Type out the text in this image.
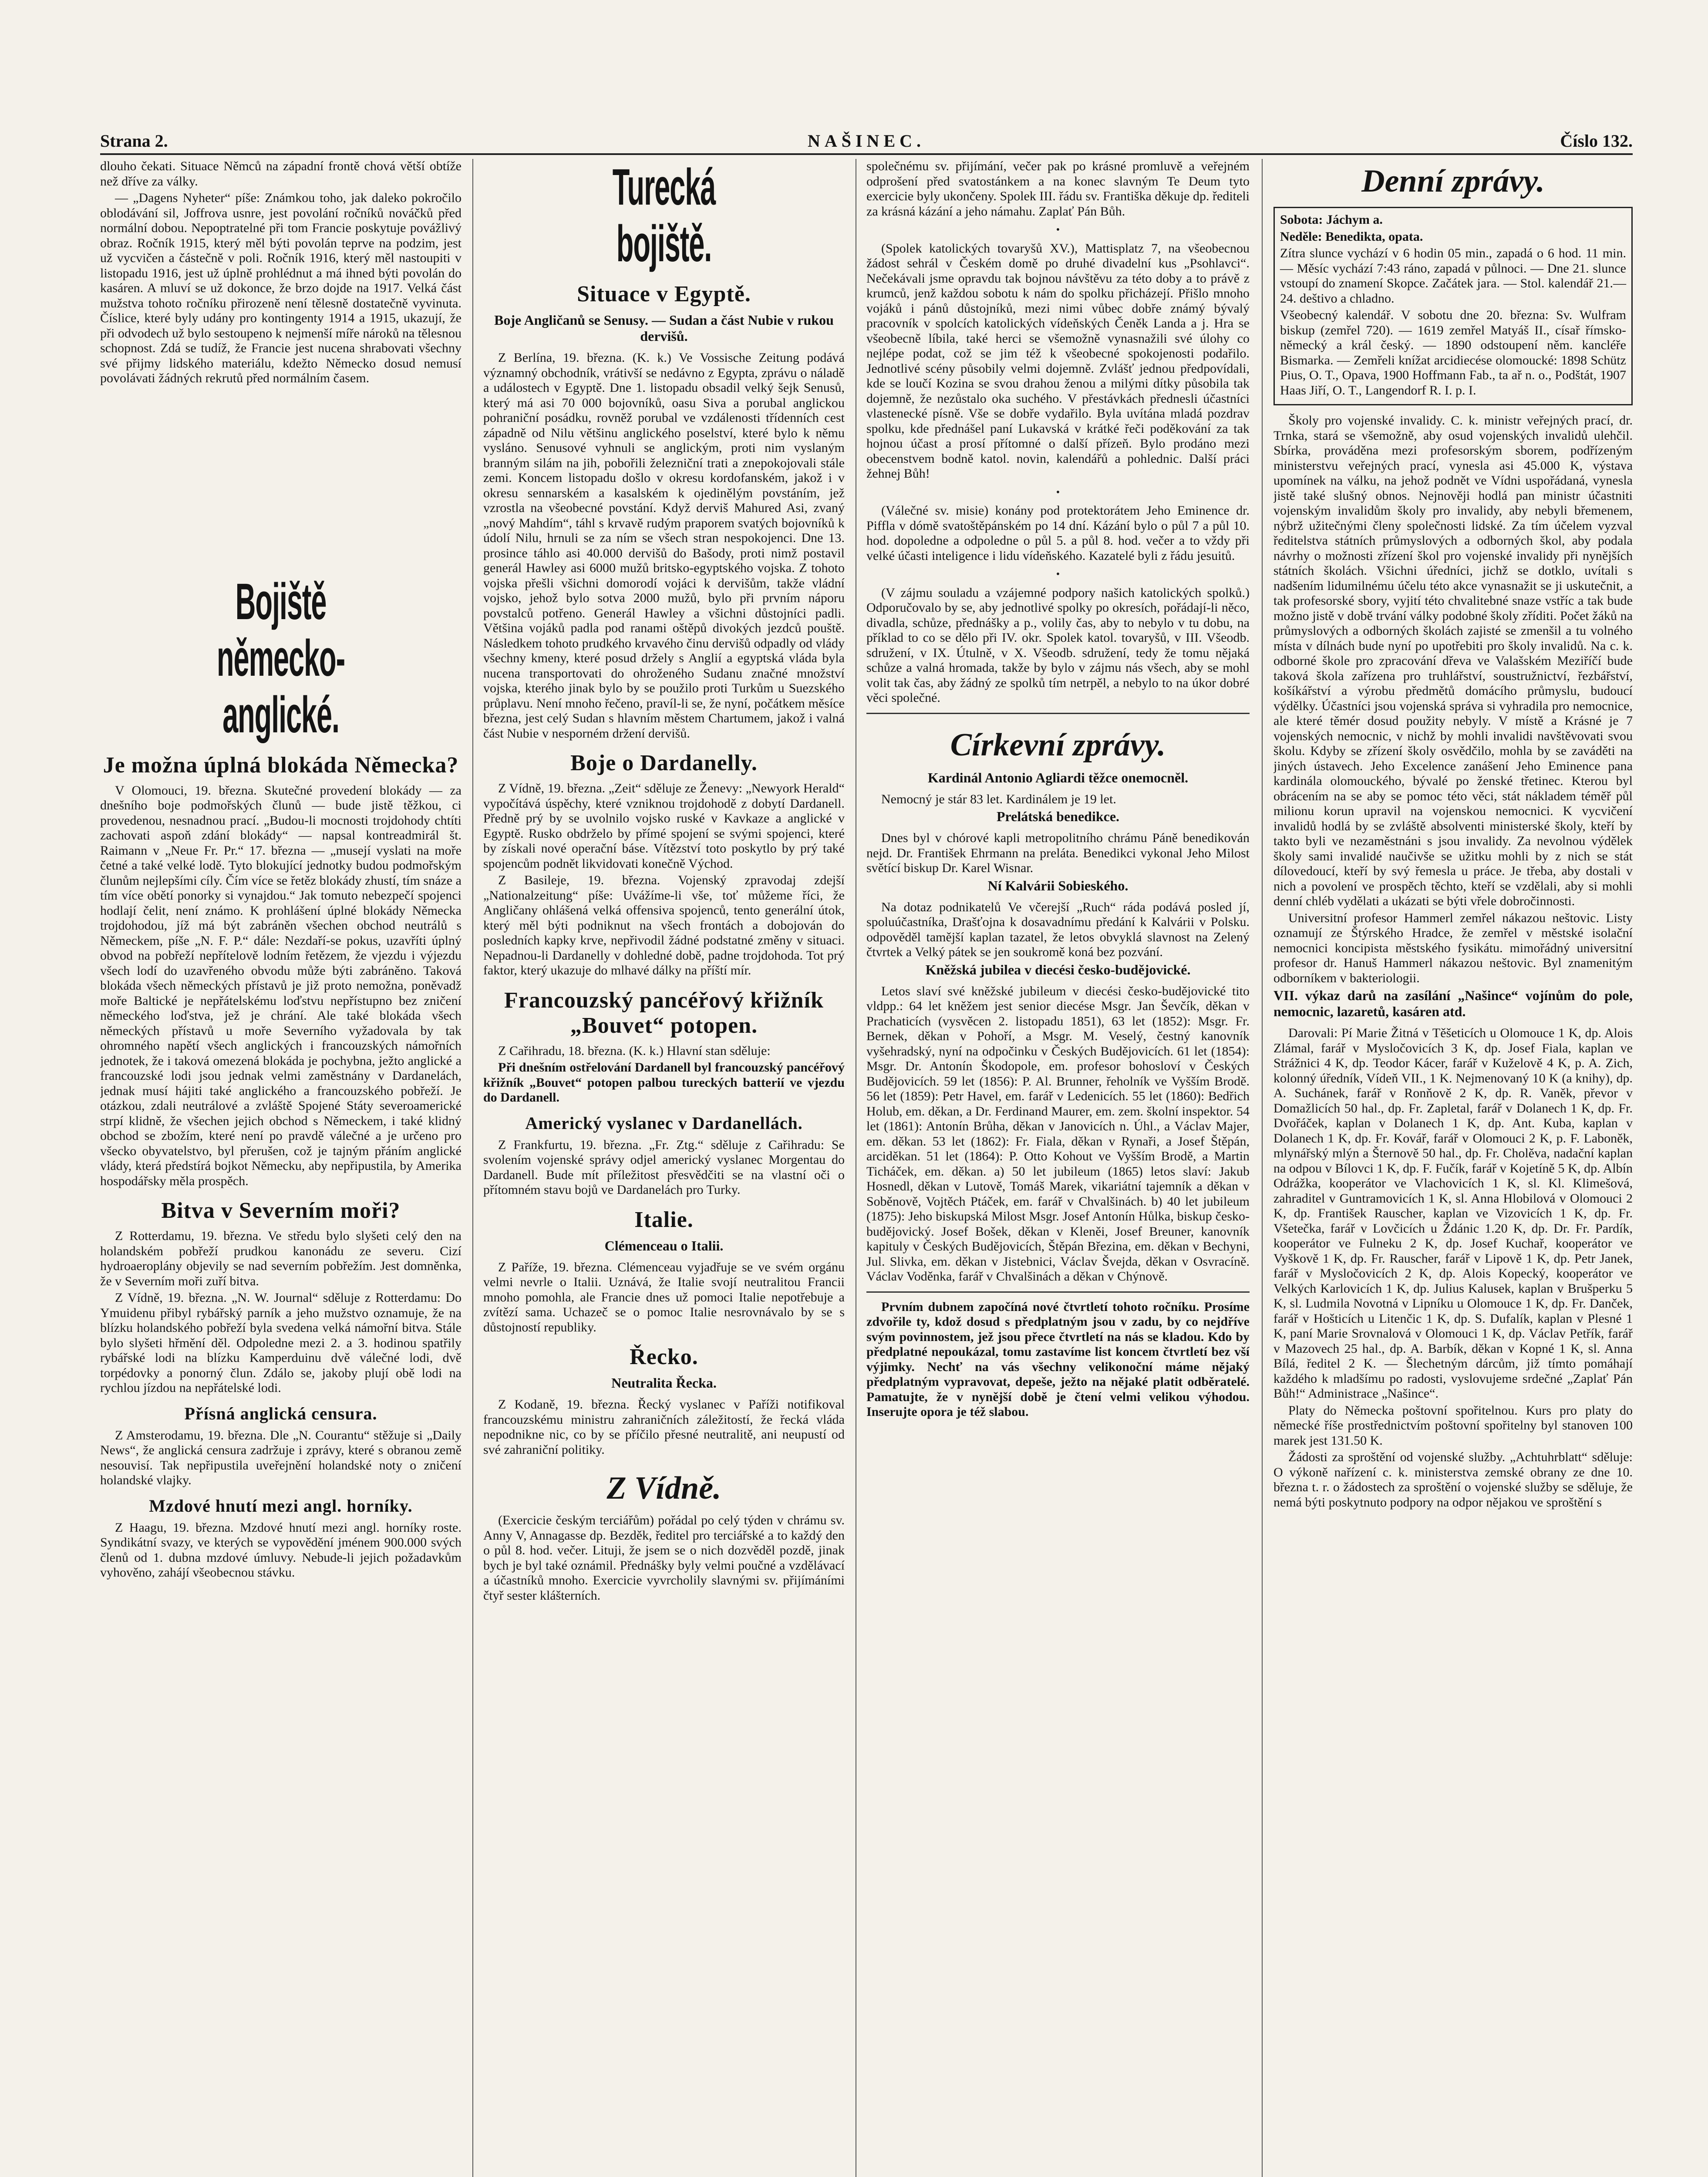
Strana 2.	NAŠINEC.	Číslo 132.

dlouho čekati. Situace Němců na západní frontě chová větší obtíže než dříve za války.

— „Dagens Nyheter“ píše: Známkou toho, jak daleko pokročilo oblodávání sil, Joffrova usnre, jest povolání ročníků nováčků před normální dobou. Nepoptratelné při tom Francie poskytuje povážlivý obraz. Ročník 1915, který měl býti povolán teprve na podzim, jest už vycvičen a částečně v poli. Ročník 1916, který měl nastoupiti v listopadu 1916, jest už úplně prohlédnut a má ihned býti povolán do kasáren. A mluví se už dokonce, že brzo dojde na 1917. Velká část mužstva tohoto ročníku přirozeně není tělesně dostatečně vyvinuta. Číslice, které byly udány pro kontingenty 1914 a 1915, ukazují, že při odvodech už bylo sestoupeno k nejmenší míře nároků na tělesnou schopnost. Zdá se tudíž, že Francie jest nucena shrabovati všechny své přijmy lidského materiálu, kdežto Německo dosud nemusí povolávati žádných rekrutů před normálním časem.

Bojiště německo-anglické.
Je možna úplná blokáda Německa?

V Olomouci, 19. března. Skutečné provedení blokády — za dnešního boje podmořských člunů — bude jistě těžkou, ci provedenou, nesnadnou prací. „Budou-li mocnosti trojdohody chtíti zachovati aspoň zdání blokády“ — napsal kontreadmirál št. Raimann v „Neue Fr. Pr.“ 17. března — „musejí vyslati na moře četné a také velké lodě. Tyto blokující jednotky budou podmořským člunům nejlepšími cíly. Čím více se řetěz blokády zhustí, tím snáze a tím více obětí ponorky si vynajdou.“ Jak tomuto nebezpečí spojenci hodlají čelit, není známo. K prohlášení úplné blokády Německa trojdohodou, jíž má být zabráněn všechen obchod neutrálů s Německem, píše „N. F. P.“ dále: Nezdaří-se pokus, uzavříti úplný obvod na pobřeží nepřítelově lodním řetězem, že vjezdu i výjezdu všech lodí do uzavřeného obvodu může býti zabráněno. Taková blokáda všech německých přístavů je již proto nemožna, poněvadž moře Baltické je nepřátelskému loďstvu nepřístupno bez zničení německého loďstva, jež je chrání. Ale také blokáda všech německých přístavů u moře Severního vyžadovala by tak ohromného napětí všech anglických i francouzských námořních jednotek, že i taková omezená blokáda je pochybna, ježto anglické a francouzské lodi jsou jednak velmi zaměstnány v Dardanelách, jednak musí hájiti také anglického a francouzského pobřeží. Je otázkou, zdali neutrálové a zvláště Spojené Státy severoamerické strpí klidně, že všechen jejich obchod s Německem, i také klidný obchod se zbožím, které není po pravdě válečné a je určeno pro všecko obyvatelstvo, byl přerušen, což je tajným přáním anglické vlády, která předstírá bojkot Německu, aby nepřipustila, by Amerika hospodářsky měla prospěch.

Bitva v Severním moři?

Z Rotterdamu, 19. března. Ve středu bylo slyšeti celý den na holandském pobřeží prudkou kanonádu ze severu. Cizí hydroaeroplány objevily se nad severním pobřežím. Jest domněnka, že v Severním moři zuří bitva.

Z Vídně, 19. března. „N. W. Journal“ sděluje z Rotterdamu: Do Ymuidenu přibyl rybářský parník a jeho mužstvo oznamuje, že na blízku holandského pobřeží byla svedena velká námořní bitva. Stále bylo slyšeti hřmění děl. Odpoledne mezi 2. a 3. hodinou spatřily rybářské lodi na blízku Kamperduinu dvě válečné lodi, dvě torpédovky a ponorný člun. Zdálo se, jakoby plují obě lodi na rychlou jízdou na nepřátelské lodi.

Přísná anglická censura.

Z Amsterodamu, 19. března. Dle „N. Courantu“ stěžuje si „Daily News“, že anglická censura zadržuje i zprávy, které s obranou země nesouvisí. Tak nepřipustila uveřejnění holandské noty o zničení holandské vlajky.

Mzdové hnutí mezi angl. horníky.

Z Haagu, 19. března. Mzdové hnutí mezi angl. horníky roste. Syndikátní svazy, ve kterých se vypovědění jménem 900.000 svých členů od 1. dubna mzdové úmluvy. Nebude-li jejich požadavkům vyhověno, zahájí všeobecnou stávku.

Turecká bojiště.
Situace v Egyptě.
Boje Angličanů se Senusy. — Sudan a část Nubie v rukou dervišů.

Z Berlína, 19. března. (K. k.) Ve Vossische Zeitung podává významný obchodník, vrátivší se nedávno z Egypta, zprávu o náladě a událostech v Egyptě. Dne 1. listopadu obsadil velký šejk Senusů, který má asi 70 000 bojovníků, oasu Siva a porubal anglickou pohraniční posádku, rovněž porubal ve vzdálenosti třídenních cest západně od Nilu většinu anglického poselství, které bylo k němu vysláno. Senusové vyhnuli se anglickým, proti nim vyslaným branným silám na jih, pobořili železniční trati a znepokojovali stále zemi. Koncem listopadu došlo v okresu kordofanském, jakož i v okresu sennarském a kasalském k ojedinělým povstáním, jež vzrostla na všeobecné povstání. Když derviš Mahured Asi, zvaný „nový Mahdím“, táhl s krvavě rudým praporem svatých bojovníků k údolí Nilu, hrnuli se za ním se všech stran nespokojenci. Dne 13. prosince táhlo asi 40.000 dervišů do Bašody, proti nimž postavil generál Hawley asi 6000 mužů britsko-egyptského vojska. Z tohoto vojska přešli všichni domorodí vojáci k dervišům, takže vládní vojsko, jehož bylo sotva 2000 mužů, bylo při prvním náporu povstalců potřeno. Generál Hawley a všichni důstojníci padli. Většina vojáků padla pod ranami oštěpů divokých jezdců pouště. Následkem tohoto prudkého krvavého činu dervišů odpadly od vlády všechny kmeny, které posud držely s Anglií a egyptská vláda byla nucena transportovati do ohroženého Sudanu značné množství vojska, kterého jinak bylo by se použilo proti Turkům u Suezského průplavu. Není mnoho řečeno, pravíl-li se, že nyní, počátkem měsíce března, jest celý Sudan s hlavním městem Chartumem, jakož i valná část Nubie v nesporném držení dervišů.

Boje o Dardanelly.

Z Vídně, 19. března. „Zeit“ sděluje ze Ženevy: „Newyork Herald“ vypočítává úspěchy, které vzniknou trojdohodě z dobytí Dardanell. Předně prý by se uvolnilo vojsko ruské v Kavkaze a anglické v Egyptě. Rusko obdrželo by přímé spojení se svými spojenci, které by získali nové operační báse. Vítězství toto poskytlo by prý také spojencům podnět likvidovati konečně Východ.

Z Basileje, 19. března. Vojenský zpravodaj zdejší „Nationalzeitung“ píše: Uvážíme-li vše, toť můžeme říci, že Angličany ohlášená velká offensiva spojenců, tento generální útok, který měl býti podniknut na všech frontách a dobojován do posledních kapky krve, nepřivodil žádné podstatné změny v situaci. Nepadnou-li Dardanelly v dohledné době, padne trojdohoda. Tot prý faktor, který ukazuje do mlhavé dálky na příští mír.

Francouzský pancéřový křižník „Bouvet“ potopen.

Z Cařihradu, 18. března. (K. k.) Hlavní stan sděluje:

Při dnešním ostřelování Dardanell byl francouzský pancéřový křižník „Bouvet“ potopen palbou tureckých batterií ve vjezdu do Dardanell.

Americký vyslanec v Dardanellách.

Z Frankfurtu, 19. března. „Fr. Ztg.“ sděluje z Cařihradu: Se svolením vojenské správy odjel americký vyslanec Morgentau do Dardanell. Bude mít příležitost přesvědčiti se na vlastní oči o přítomném stavu bojů ve Dardanelách pro Turky.

Italie.
Clémenceau o Italii.

Z Paříže, 19. března. Clémenceau vyjadřuje se ve svém orgánu velmi nevrle o Italii. Uznává, že Italie svojí neutralitou Francii mnoho pomohla, ale Francie dnes už pomoci Italie nepotřebuje a zvítězí sama. Uchazeč se o pomoc Italie nesrovnávalo by se s důstojností republiky.

Řecko.
Neutralita Řecka.

Z Kodaně, 19. března. Řecký vyslanec v Paříži notifikoval francouzskému ministru zahraničních záležitostí, že řecká vláda nepodnikne nic, co by se příčilo přesné neutralitě, ani neupustí od své zahraniční politiky.

Z Vídně.

(Exercicie českým terciářům) pořádal po celý týden v chrámu sv. Anny V, Annagasse dp. Bezděk, ředitel pro terciářské a to každý den o půl 8. hod. večer. Lituji, že jsem se o nich dozvěděl pozdě, jinak bych je byl také oznámil. Přednášky byly velmi poučné a vzdělávací a účastníků mnoho. Exercicie vyvrcholily slavnými sv. přijímáními čtyř sester klášterních.

společnému sv. přijímání, večer pak po krásné promluvě a veřejném odprošení před svatostánkem a na konec slavným Te Deum tyto exercicie byly ukončeny. Spolek III. řádu sv. Františka děkuje dp. řediteli za krásná kázání a jeho námahu. Zaplať Pán Bůh.

•

(Spolek katolických tovaryšů XV.), Mattisplatz 7, na všeobecnou žádost sehrál v Českém domě po druhé divadelní kus „Psohlavci“. Nečekávali jsme opravdu tak bojnou návštěvu za této doby a to právě z krumců, jenž každou sobotu k nám do spolku přicházejí. Přišlo mnoho vojáků i pánů důstojníků, mezi nimi vůbec dobře známý bývalý pracovník v spolcích katolických vídeňských Čeněk Landa a j. Hra se všeobecně líbila, také herci se všemožně vynasnažili své úlohy co nejlépe podat, což se jim též k všeobecné spokojenosti podařilo. Jednotlivé scény působily velmi dojemně. Zvlášť jednou předpovídali, kde se loučí Kozina se svou drahou ženou a milými dítky působila tak dojemně, že nezůstalo oka suchého. V přestávkách přednesli účastníci vlastenecké písně. Vše se dobře vydařilo. Byla uvítána mladá pozdrav spolku, kde přednášel paní Lukavská v krátké řeči poděkování za tak hojnou účast a prosí přítomné o další přízeň. Bylo prodáno mezi obecenstvem bodně katol. novin, kalendářů a pohlednic. Další práci žehnej Bůh!

•

(Válečné sv. misie) konány pod protektorátem Jeho Eminence dr. Piffla v dómě svatoštěpánském po 14 dní. Kázání bylo o půl 7 a půl 10. hod. dopoledne a odpoledne o půl 5. a půl 8. hod. večer a to vždy při velké účasti inteligence i lidu vídeňského. Kazatelé byli z řádu jesuitů.

•

(V zájmu souladu a vzájemné podpory našich katolických spolků.) Odporučovalo by se, aby jednotlivé spolky po okresích, pořádají-li něco, divadla, schůze, přednášky a p., volily čas, aby to nebylo v tu dobu, na příklad to co se dělo při IV. okr. Spolek katol. tovaryšů, v III. Všeodb. sdružení, v IX. Útulně, v X. Všeodb. sdružení, tedy že tomu nějaká schůze a valná hromada, takže by bylo v zájmu nás všech, aby se mohl volit tak čas, aby žádný ze spolků tím netrpěl, a nebylo to na úkor dobré věci společné.

Církevní zprávy.
Kardinál Antonio Agliardi těžce onemocněl.

Nemocný je stár 83 let. Kardinálem je 19 let.

Prelátská benedikce.

Dnes byl v chórové kapli metropolitního chrámu Páně benedikován nejd. Dr. František Ehrmann na preláta. Benedikci vykonal Jeho Milost světící biskup Dr. Karel Wisnar.

Ní Kalvárii Sobieského.

Na dotaz podnikatelů Ve včerejší „Ruch“ ráda podává posled jí, spoluúčastníka, Drašťojna k dosavadnímu předání k Kalvárii v Polsku. odpověděl tamější kaplan tazatel, že letos obvyklá slavnost na Zelený čtvrtek a Velký pátek se jen soukromě koná bez pozvání.

Kněžská jubilea v diecési česko-budějovické.

Letos slaví své kněžské jubileum v diecési česko-budějovické tito vldpp.: 64 let kněžem jest senior diecése Msgr. Jan Ševčík, děkan v Prachaticích (vysvěcen 2. listopadu 1851), 63 let (1852): Msgr. Fr. Bernek, děkan v Pohoří, a Msgr. M. Veselý, čestný kanovník vyšehradský, nyní na odpočinku v Českých Budějovicích. 61 let (1854): Msgr. Dr. Antonín Škodopole, em. profesor bohosloví v Českých Budějovicích. 59 let (1856): P. Al. Brunner, řeholník ve Vyšším Brodě. 56 let (1859): Petr Havel, em. farář v Ledenicích. 55 let (1860): Bedřich Holub, em. děkan, a Dr. Ferdinand Maurer, em. zem. školní inspektor. 54 let (1861): Antonín Brůha, děkan v Janovicích n. Úhl., a Václav Majer, em. děkan. 53 let (1862): Fr. Fiala, děkan v Rynaři, a Josef Štěpán, arciděkan. 51 let (1864): P. Otto Kohout ve Vyšším Brodě, a Martin Ticháček, em. děkan. a) 50 let jubileum (1865) letos slaví: Jakub Hosnedl, děkan v Lutově, Tomáš Marek, vikariátní tajemník a děkan v Soběnově, Vojtěch Ptáček, em. farář v Chvalšinách. b) 40 let jubileum (1875): Jeho biskupská Milost Msgr. Josef Antonín Hůlka, biskup česko-budějovický. Josef Bošek, děkan v Kleněi, Josef Breuner, kanovník kapituly v Českých Budějovicích, Štěpán Březina, em. děkan v Bechyni, Jul. Slivka, em. děkan v Jistebnici, Václav Švejda, děkan v Osvracíně. Václav Voděnka, farář v Chvalšinách a děkan v Chýnově.

Prvním dubnem započíná nové čtvrtletí tohoto ročníku. Prosíme zdvořile ty, kdož dosud s předplatným jsou v zadu, by co nejdříve svým povinnostem, jež jsou přece čtvrtletí na nás se kladou. Kdo by předplatné nepoukázal, tomu zastavíme list koncem čtvrtletí bez vší výjimky. Nechť na vás všechny velikonoční máme nějaký předplatným vypravovat, depeše, ježto na nějaké platit odběratelé. Pamatujte, že v nynější době je čtení velmi velikou výhodou. Inserujte opora je též slabou.

Denní zprávy.

Sobota: Jáchym a.

Neděle: Benedikta, opata.

Zítra slunce vychází v 6 hodin 05 min., zapadá o 6 hod. 11 min. — Měsíc vychází 7:43 ráno, zapadá v půlnoci. — Dne 21. slunce vstoupí do znamení Skopce. Začátek jara. — Stol. kalendář 21.—24. deštivo a chladno.

Všeobecný kalendář. V sobotu dne 20. března: Sv. Wulfram biskup (zemřel 720). — 1619 zemřel Matyáš II., císař římsko-německý a král český. — 1890 odstoupení něm. kancléře Bismarka. — Zemřeli knížat arcidiecése olomoucké: 1898 Schütz Pius, O. T., Opava, 1900 Hoffmann Fab., ta ař n. o., Podštát, 1907 Haas Jiří, O. T., Langendorf R. I. p. I.

Školy pro vojenské invalidy. C. k. ministr veřejných prací, dr. Trnka, stará se všemožně, aby osud vojenských invalidů ulehčil. Sbírka, prováděna mezi profesorským sborem, podřízeným ministerstvu veřejných prací, vynesla asi 45.000 K, výstava upomínek na válku, na jehož podnět ve Vídni uspořádaná, vynesla jistě také slušný obnos. Nejnověji hodlá pan ministr účastniti vojenským invalidům školy pro invalidy, aby nebyli břemenem, nýbrž užitečnými členy společnosti lidské. Za tím účelem vyzval ředitelstva státních průmyslových a odborných škol, aby podala návrhy o možnosti zřízení škol pro vojenské invalidy při nynějších státních školách. Všichni úředníci, jichž se dotklo, uvítali s nadšením lidumilnému účelu této akce vynasnažit se ji uskutečnit, a tak profesorské sbory, vyjití této chvalitebné snaze vstříc a tak bude možno jistě v době trvání války podobné školy zříditi. Počet žáků na průmyslových a odborných školách zajisté se zmenšil a tu volného místa v dílnách bude nyní po upotřebiti pro školy invalidů. Na c. k. odborné škole pro zpracování dřeva ve Valašském Meziříčí bude taková škola zařízena pro truhlářství, soustružnictví, řezbářství, košíkářství a výrobu předmětů domácího průmyslu, budoucí výdělky. Účastníci jsou vojenská správa si vyhradila pro nemocnice, ale které těmér dosud použity nebyly. V místě a Krásné je 7 vojenských nemocnic, v nichž by mohli invalidi navštěvovati svou školu. Kdyby se zřízení školy osvědčilo, mohla by se zaváděti na jiných ústavech. Jeho Excelence zanášení Jeho Eminence pana kardinála olomouckého, bývalé po ženské třetinec. Kterou byl obrácením na se aby se pomoc této věci, stát nákladem téměř půl milionu korun upravil na vojenskou nemocnici. K vycvičení invalidů hodlá by se zvláště absolventi ministerské školy, kteří by takto byli ve nezaměstnáni s jsou invalidy. Za nevolnou výdělek školy sami invalidé naučivše se užitku mohli by z nich se stát dílovedoucí, kteří by svý řemesla u práce. Je třeba, aby dostali v nich a povolení ve prospěch těchto, kteří se vzdělali, aby si mohli denní chléb vydělati a ukázati se býti vřele dobročinnosti.

Universitní profesor Hammerl zemřel nákazou neštovic. Listy oznamují ze Štýrského Hradce, že zemřel v městské isolační nemocnici koncipista městského fysikátu. mimořádný universitní profesor dr. Hanuš Hammerl nákazou neštovic. Byl znamenitým odborníkem v bakteriologii.

VII. výkaz darů na zasílání „Našince“ vojínům do pole, nemocnic, lazaretů, kasáren atd.

Darovali: Pí Marie Žitná v Těšeticích u Olomouce 1 K, dp. Alois Zlámal, farář v Mysločovicích 3 K, dp. Josef Fiala, kaplan ve Strážnici 4 K, dp. Teodor Kácer, farář v Kuželově 4 K, p. A. Zich, kolonný úředník, Vídeň VII., 1 K. Nejmenovaný 10 K (a knihy), dp. A. Suchánek, farář v Ronňově 2 K, dp. R. Vaněk, převor v Domažlicích 50 hal., dp. Fr. Zapletal, farář v Dolanech 1 K, dp. Fr. Dvořáček, kaplan v Dolanech 1 K, dp. Ant. Kuba, kaplan v Dolanech 1 K, dp. Fr. Kovář, farář v Olomouci 2 K, p. F. Laboněk, mlynářský mlýn a Šternově 50 hal., dp. Fr. Cholěva, nadační kaplan na odpou v Bílovci 1 K, dp. F. Fučík, farář v Kojetíně 5 K, dp. Albín Odrážka, kooperátor ve Vlachovicích 1 K, sl. Kl. Klimešová, zahraditel v Guntramovicích 1 K, sl. Anna Hlobilová v Olomouci 2 K, dp. František Rauscher, kaplan ve Vizovicích 1 K, dp. Fr. Všetečka, farář v Lovčicích u Ždánic 1.20 K, dp. Dr. Fr. Pardík, kooperátor ve Fulneku 2 K, dp. Josef Kuchař, kooperátor ve Vyškově 1 K, dp. Fr. Rauscher, farář v Lipově 1 K, dp. Petr Janek, farář v Mysločovicích 2 K, dp. Alois Kopecký, kooperátor ve Velkých Karlovicích 1 K, dp. Julius Kalusek, kaplan v Brušperku 5 K, sl. Ludmila Novotná v Lipníku u Olomouce 1 K, dp. Fr. Danček, farář v Hošticích u Litenčic 1 K, dp. S. Dufalík, kaplan v Plesné 1 K, paní Marie Srovnalová v Olomouci 1 K, dp. Václav Petřík, farář v Mazovech 25 hal., dp. A. Barbík, děkan v Kopné 1 K, sl. Anna Bílá, ředitel 2 K. — Šlechetným dárcům, již tímto pomáhají každého k mladšímu po radosti, vyslovujeme srdečné „Zaplať Pán Bůh!“ Administrace „Našince“.

Platy do Německa poštovní spořitelnou. Kurs pro platy do německé říše prostřednictvím poštovní spořitelny byl stanoven 100 marek jest 131.50 K.

Žádosti za sproštění od vojenské služby. „Achtuhrblatt“ sděluje: O výkoně nařízení c. k. ministerstva zemské obrany ze dne 10. března t. r. o žádostech za sproštění o vojenské služby se sděluje, že nemá býti poskytnuto podpory na odpor nějakou ve sproštění s
